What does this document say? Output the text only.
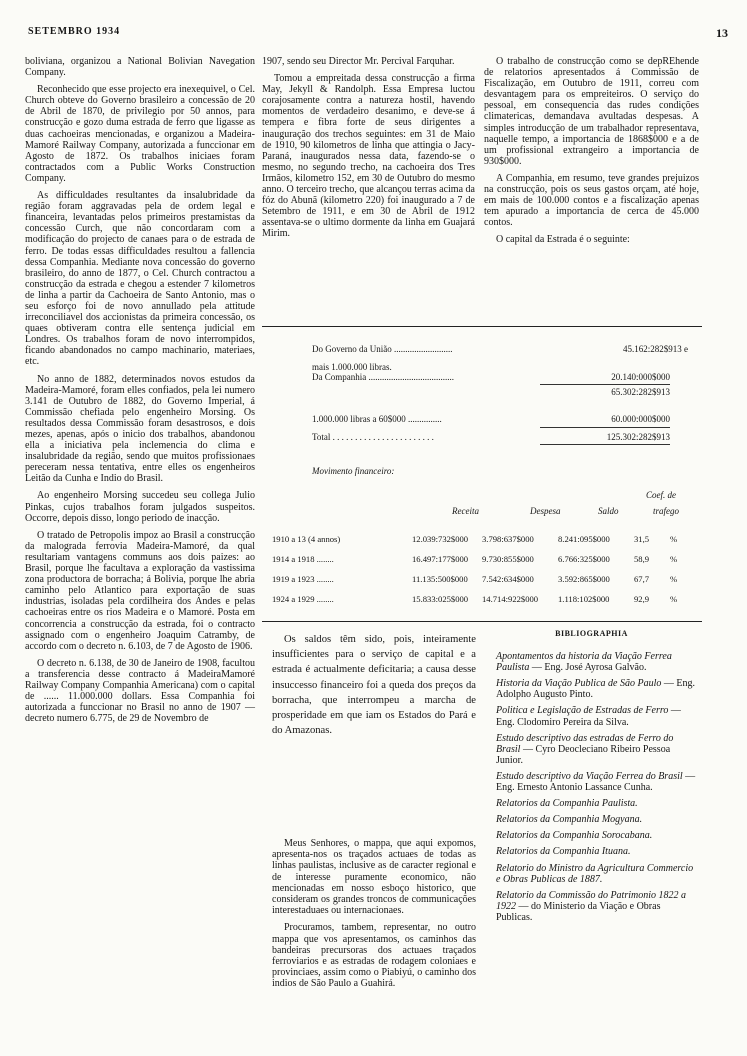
SETEMBRO 1934	13

boliviana, organizou a National Bolivian Navegation Company.

Reconhecido que esse projecto era inexequivel, o Cel. Church obteve do Governo brasileiro a concessão de 20 de Abril de 1870, de privilegio por 50 annos, para construcção e gozo duma estrada de ferro que ligasse as duas cachoeiras mencionadas, e organizou a Madeira-Mamoré Railway Company, autorizada a funccionar em Agosto de 1872. Os trabalhos iniciaes foram contractados com a Public Works Construction Company.

As difficuldades resultantes da insalubridade da região foram aggravadas pela de ordem legal e financeira, levantadas pelos primeiros prestamistas da concessão Curch, que não concordaram com a modificação do projecto de canaes para o de estrada de ferro. De todas essas difficuldades resultou a fallencia dessa Companhia. Mediante nova concessão do governo brasileiro, do anno de 1877, o Cel. Church contractou a construcção da estrada e chegou a estender 7 kilometros de linha a partir da Cachoeira de Santo Antonio, mas o seu esforço foi de novo annullado pela attitude irreconciliavel dos accionistas da primeira concessão, os quaes obtiveram contra elle sentença judicial em Londres. Os trabalhos foram de novo interrompidos, ficando abandonados no campo machinario, materiaes, etc.

No anno de 1882, determinados novos estudos da Madeira-Mamoré, foram elles confiados, pela lei numero 3.141 de Outubro de 1882, do Governo Imperial, á Commissão chefiada pelo engenheiro Morsing. Os resultados dessa Commissão foram desastrosos, e dois mezes, apenas, após o inicio dos trabalhos, abandonou ella a iniciativa pela inclemencia do clima e insalubridade da região, sendo que muitos profissionaes pereceram nessa tentativa, entre elles os engenheiros Leitão da Cunha e Indio do Brasil.

Ao engenheiro Morsing succedeu seu collega Julio Pinkas, cujos trabalhos foram julgados suspeitos. Occorre, depois disso, longo periodo de inacção.

O tratado de Petropolis impoz ao Brasil a construcção da malograda ferrovia Madeira-Mamoré, da qual resultariam vantagens communs aos dois paizes: ao Brasil, porque lhe facultava a exploração da vastissima zona productora de borracha; á Bolivia, porque lhe abria caminho pelo Atlantico para exportação de suas industrias, isoladas pela cordilheira dos Andes e pelas cachoeiras entre os rios Madeira e o Mamoré. Posta em concorrencia a construcção da estrada, foi o contracto assignado com o engenheiro Joaquim Catramby, de accordo com o decreto n. 6.103, de 7 de Agosto de 1906.

O decreto n. 6.138, de 30 de Janeiro de 1908, facultou a transferencia desse contracto á MadeiraMamoré Railway Company Companhia Americana) com o capital de ...... 11.000.000 dollars. Essa Companhia foi autorizada a funccionar no Brasil no anno de 1907 — decreto numero 6.775, de 29 de Novembro de

1907, sendo seu Director Mr. Percival Farquhar.

Tomou a empreitada dessa construcção a firma May, Jekyll & Randolph. Essa Empresa luctou corajosamente contra a natureza hostil, havendo momentos de verdadeiro desanimo, e deve-se á tempera e fibra forte de seus dirigentes a inauguração dos trechos seguintes: em 31 de Maio de 1910, 90 kilometros de linha que attingia o Jacy-Paraná, inaugurados nessa data, fazendo-se o mesmo, no segundo trecho, na cachoeira dos Tres Irmãos, kilometro 152, em 30 de Outubro do mesmo anno. O terceiro trecho, que alcançou terras acima da fóz do Abunã (kilometro 220) foi inaugurado a 7 de Setembro de 1911, e em 30 de Abril de 1912 assentava-se o ultimo dormente da linha em Guajará Mirim.

O trabalho de construcção como se depREhende de relatorios apresentados á Commissão de Fiscalização, em Outubro de 1911, correu com desvantagem para os empreiteiros. O serviço do pessoal, em consequencia das rudes condições climatericas, demandava avultadas despesas. A simples introducção de um trabalhador representava, naquelle tempo, a importancia de 1868$000 e a de um profissional extrangeiro a importancia de 930$000.

A Companhia, em resumo, teve grandes prejuizos na construcção, pois os seus gastos orçam, até hoje, em mais de 100.000 contos e a fiscalização apenas tem apurado a importancia de cerca de 45.000 contos.

O capital da Estrada é o seguinte:

Do Governo da União ..........................	45.162:282$913 e
mais 1.000.000 libras.
Da Companhia ......................................	20.140:000$000
65.302:282$913
1.000.000 libras a 60$000 ...............	60.000:000$000
Total . . . . . . . . . . . . . . . . . . . . . . .	125.302:282$913
Movimento financeiro:
Coef. de
Receita	Despesa	Saldo	trafego
1910 a 13 (4 annos)	12.039:732$000 3.798:637$000	8.241:095$000	31,5 %
1914 a 1918 ........	16.497:177$000 9.730:855$000	6.766:325$000	58,9 %
1919 a 1923 ........	11.135:500$000 7.542:634$000	3.592:865$000	67,7 %
1924 a 1929 ........	15.833:025$000 14.714:922$000 1.118:102$000	92,9 %

Os saldos têm sido, pois, inteiramente insufficientes para o serviço de capital e a estrada é actualmente deficitaria; a causa desse insuccesso financeiro foi a queda dos preços da borracha, que interrompeu a marcha de prosperidade em que iam os Estados do Pará e do Amazonas.

Meus Senhores, o mappa, que aqui expomos, apresenta-nos os traçados actuaes de todas as linhas paulistas, inclusive as de caracter regional e de interesse puramente economico, não mencionadas em nosso esboço historico, que consideram os grandes troncos de communicações interestaduaes ou internacionaes.

Procuramos, tambem, representar, no outro mappa que vos apresentamos, os caminhos das bandeiras precursoras dos actuaes traçados ferroviarios e as estradas de rodagem coloniaes e provinciaes, assim como o Piabiyú, o caminho dos indios de São Paulo a Guahirá.

BIBLIOGRAPHIA

Apontamentos da historia da Viação Ferrea Paulista — Eng. José Ayrosa Galvão.

Historia da Viação Publica de São Paulo — Eng. Adolpho Augusto Pinto.

Politica e Legislação de Estradas de Ferro — Eng. Clodomiro Pereira da Silva.

Estudo descriptivo das estradas de Ferro do Brasil — Cyro Deocleciano Ribeiro Pessoa Junior.

Estudo descriptivo da Viação Ferrea do Brasil — Eng. Ernesto Antonio Lassance Cunha.

Relatorios da Companhia Paulista.

Relatorios da Companhia Mogyana.

Relatorios da Companhia Sorocabana.

Relatorios da Companhia Ituana.

Relatorio do Ministro da Agricultura Commercio e Obras Publicas de 1887.

Relatorio da Commissão do Patrimonio 1822 a 1922 — do Ministerio da Viação e Obras Publicas.
